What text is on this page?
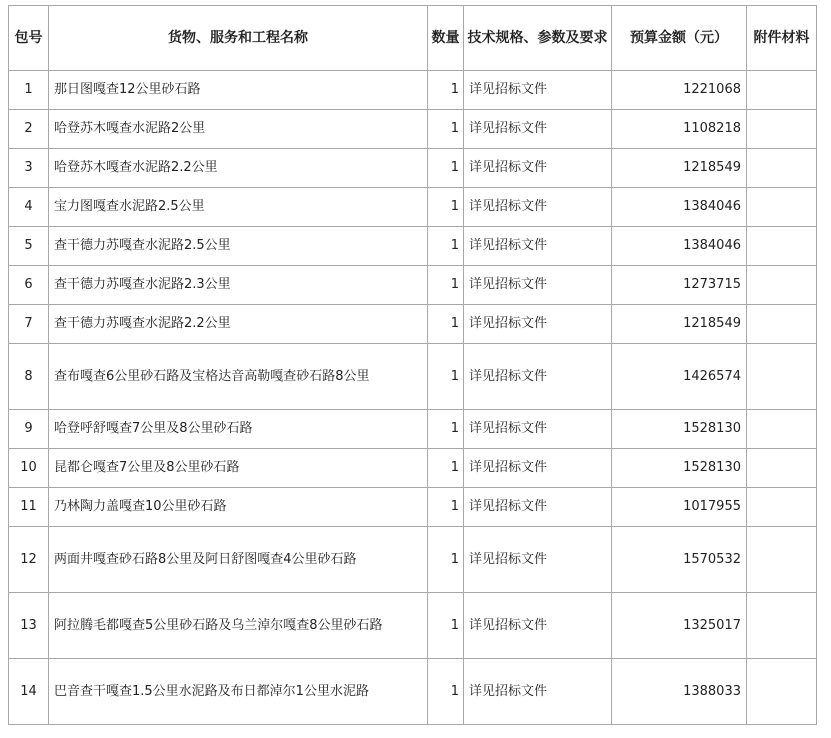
包号	货物、服务和工程名称	数量	技术规格、参数及要求	预算金额（元）	附件材料
1	那日图嘎查12公里砂石路	1	详见招标文件	1221068	
2	哈登苏木嘎查水泥路2公里	1	详见招标文件	1108218	
3	哈登苏木嘎查水泥路2.2公里	1	详见招标文件	1218549	
4	宝力图嘎查水泥路2.5公里	1	详见招标文件	1384046	
5	查干德力苏嘎查水泥路2.5公里	1	详见招标文件	1384046	
6	查干德力苏嘎查水泥路2.3公里	1	详见招标文件	1273715	
7	查干德力苏嘎查水泥路2.2公里	1	详见招标文件	1218549	
8	查布嘎查6公里砂石路及宝格达音高勒嘎查砂石路8公里	1	详见招标文件	1426574	
9	哈登呼舒嘎查7公里及8公里砂石路	1	详见招标文件	1528130	
10	昆都仑嘎查7公里及8公里砂石路	1	详见招标文件	1528130	
11	乃林陶力盖嘎查10公里砂石路	1	详见招标文件	1017955	
12	两面井嘎查砂石路8公里及阿日舒图嘎查4公里砂石路	1	详见招标文件	1570532	
13	阿拉腾毛都嘎查5公里砂石路及乌兰淖尔嘎查8公里砂石路	1	详见招标文件	1325017	
14	巴音查干嘎查1.5公里水泥路及布日都淖尔1公里水泥路	1	详见招标文件	1388033	
